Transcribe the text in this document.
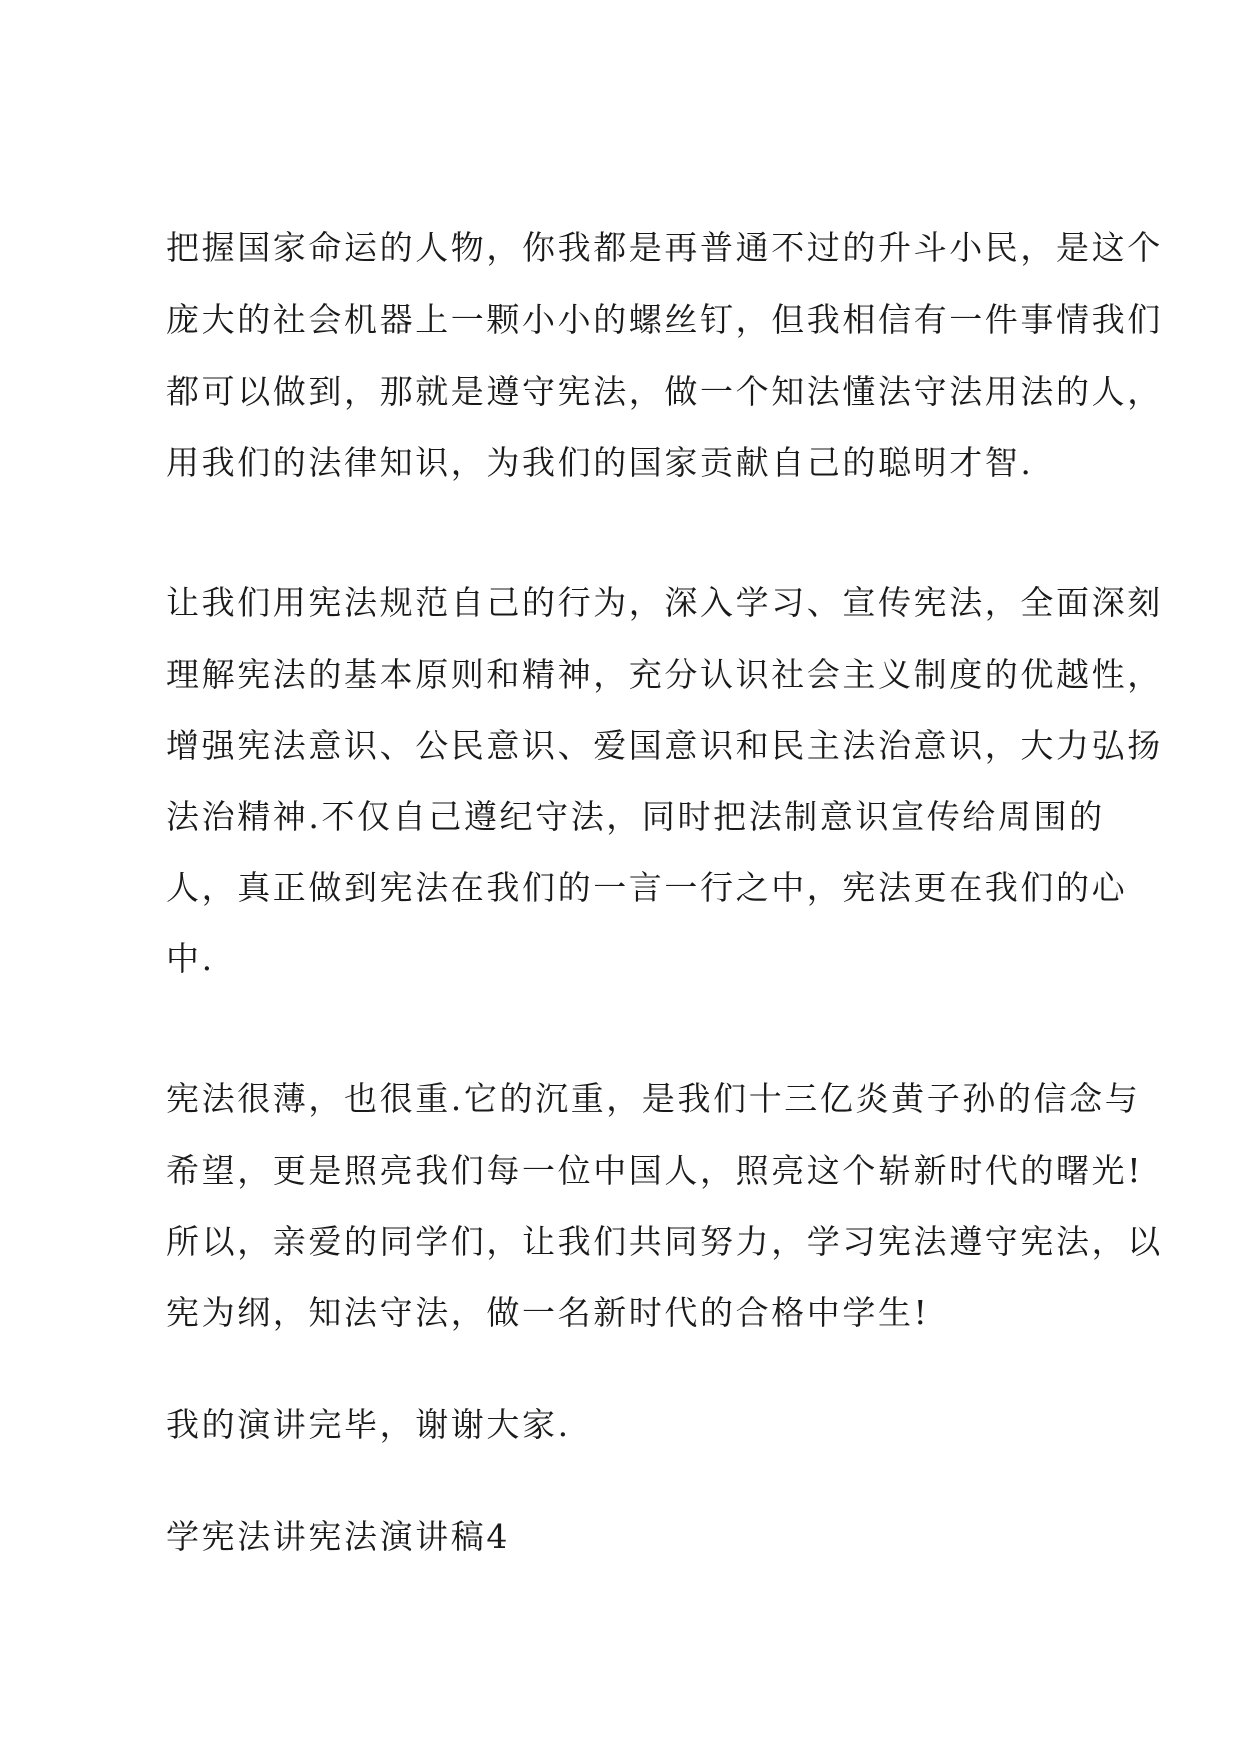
把握国家命运的人物，你我都是再普通不过的升斗小民，是这个
庞大的社会机器上一颗小小的螺丝钉，但我相信有一件事情我们
都可以做到，那就是遵守宪法，做一个知法懂法守法用法的人，
用我们的法律知识，为我们的国家贡献自己的聪明才智.
让我们用宪法规范自己的行为，深入学习、宣传宪法，全面深刻
理解宪法的基本原则和精神，充分认识社会主义制度的优越性，
增强宪法意识、公民意识、爱国意识和民主法治意识，大力弘扬
法治精神.不仅自己遵纪守法，同时把法制意识宣传给周围的
人，真正做到宪法在我们的一言一行之中，宪法更在我们的心
中.
宪法很薄，也很重.它的沉重，是我们十三亿炎黄子孙的信念与
希望，更是照亮我们每一位中国人，照亮这个崭新时代的曙光!
所以，亲爱的同学们，让我们共同努力，学习宪法遵守宪法，以
宪为纲，知法守法，做一名新时代的合格中学生!
我的演讲完毕，谢谢大家.
学宪法讲宪法演讲稿4
